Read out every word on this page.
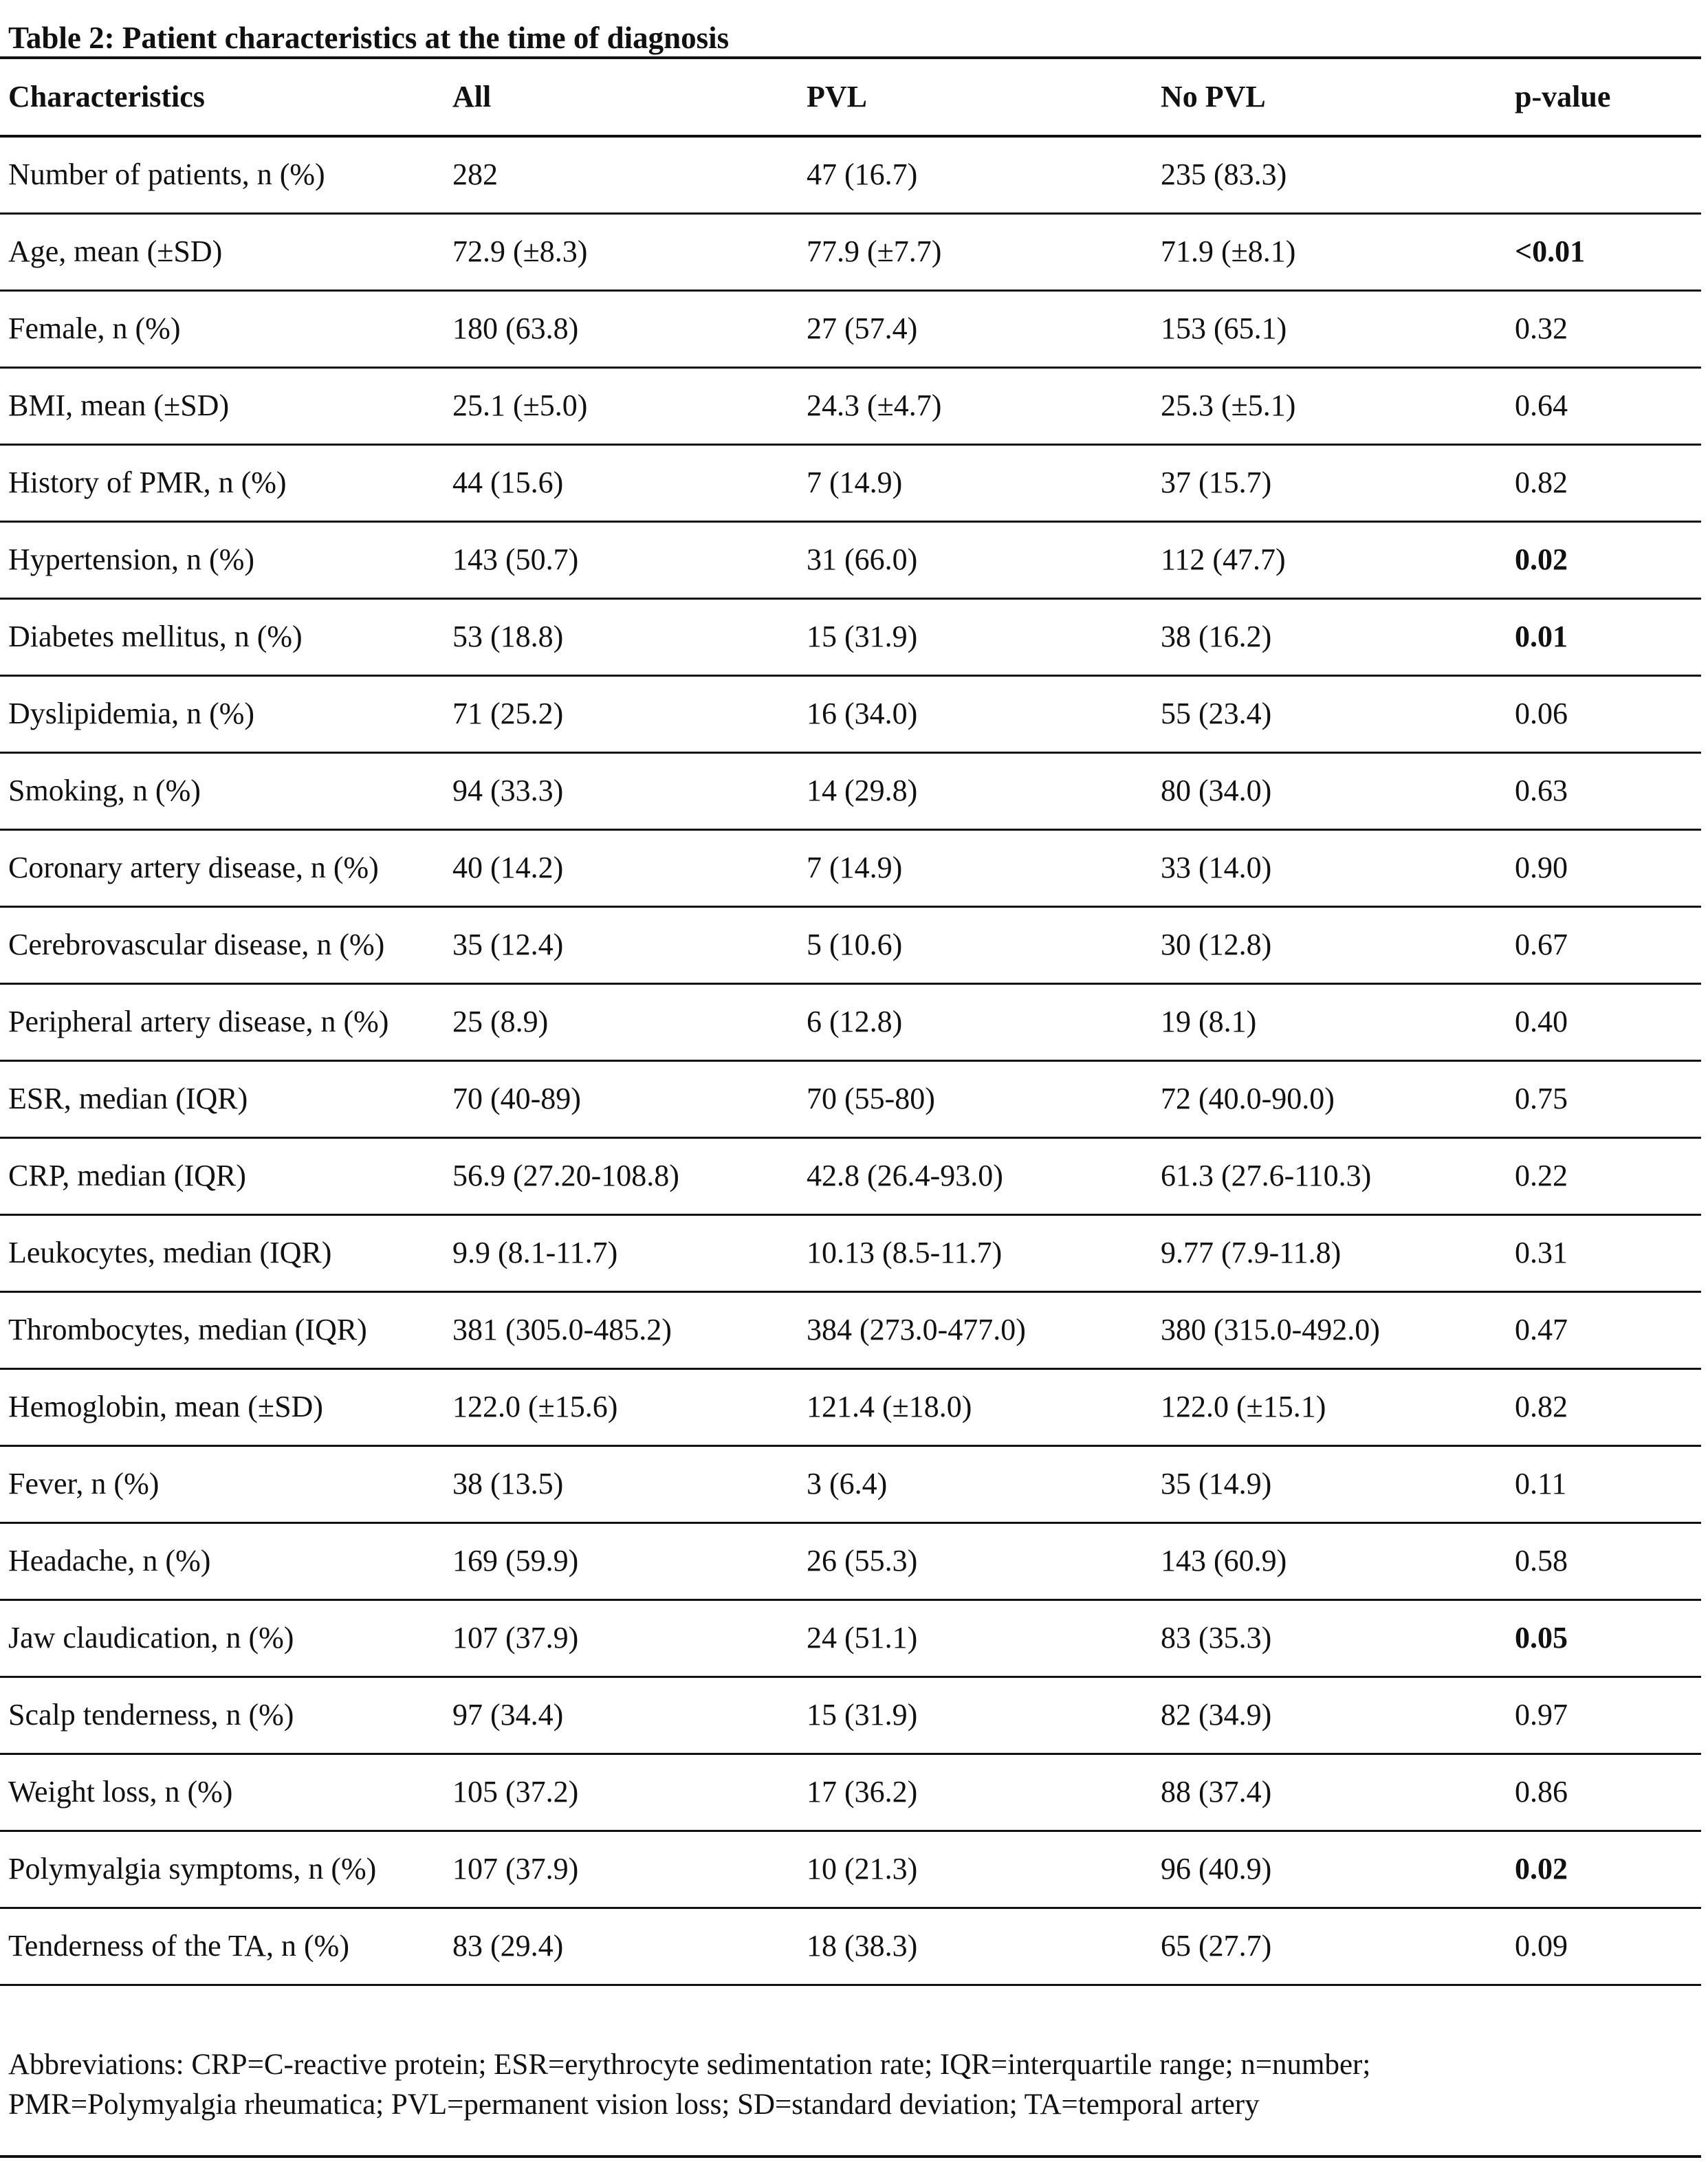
Table 2: Patient characteristics at the time of diagnosis
Characteristics	All	PVL	No PVL	p-value
Number of patients, n (%)	282	47 (16.7)	235 (83.3)	
Age, mean (±SD)	72.9 (±8.3)	77.9 (±7.7)	71.9 (±8.1)	<0.01
Female, n (%)	180 (63.8)	27 (57.4)	153 (65.1)	0.32
BMI, mean (±SD)	25.1 (±5.0)	24.3 (±4.7)	25.3 (±5.1)	0.64
History of PMR, n (%)	44 (15.6)	7 (14.9)	37 (15.7)	0.82
Hypertension, n (%)	143 (50.7)	31 (66.0)	112 (47.7)	0.02
Diabetes mellitus, n (%)	53 (18.8)	15 (31.9)	38 (16.2)	0.01
Dyslipidemia, n (%)	71 (25.2)	16 (34.0)	55 (23.4)	0.06
Smoking, n (%)	94 (33.3)	14 (29.8)	80 (34.0)	0.63
Coronary artery disease, n (%)	40 (14.2)	7 (14.9)	33 (14.0)	0.90
Cerebrovascular disease, n (%)	35 (12.4)	5 (10.6)	30 (12.8)	0.67
Peripheral artery disease, n (%)	25 (8.9)	6 (12.8)	19 (8.1)	0.40
ESR, median (IQR)	70 (40-89)	70 (55-80)	72 (40.0-90.0)	0.75
CRP, median (IQR)	56.9 (27.20-108.8)	42.8 (26.4-93.0)	61.3 (27.6-110.3)	0.22
Leukocytes, median (IQR)	9.9 (8.1-11.7)	10.13 (8.5-11.7)	9.77 (7.9-11.8)	0.31
Thrombocytes, median (IQR)	381 (305.0-485.2)	384 (273.0-477.0)	380 (315.0-492.0)	0.47
Hemoglobin, mean (±SD)	122.0 (±15.6)	121.4 (±18.0)	122.0 (±15.1)	0.82
Fever, n (%)	38 (13.5)	3 (6.4)	35 (14.9)	0.11
Headache, n (%)	169 (59.9)	26 (55.3)	143 (60.9)	0.58
Jaw claudication, n (%)	107 (37.9)	24 (51.1)	83 (35.3)	0.05
Scalp tenderness, n (%)	97 (34.4)	15 (31.9)	82 (34.9)	0.97
Weight loss, n (%)	105 (37.2)	17 (36.2)	88 (37.4)	0.86
Polymyalgia symptoms, n (%)	107 (37.9)	10 (21.3)	96 (40.9)	0.02
Tenderness of the TA, n (%)	83 (29.4)	18 (38.3)	65 (27.7)	0.09
Abbreviations: CRP=C-reactive protein; ESR=erythrocyte sedimentation rate; IQR=interquartile range; n=number;
PMR=Polymyalgia rheumatica; PVL=permanent vision loss; SD=standard deviation; TA=temporal artery
